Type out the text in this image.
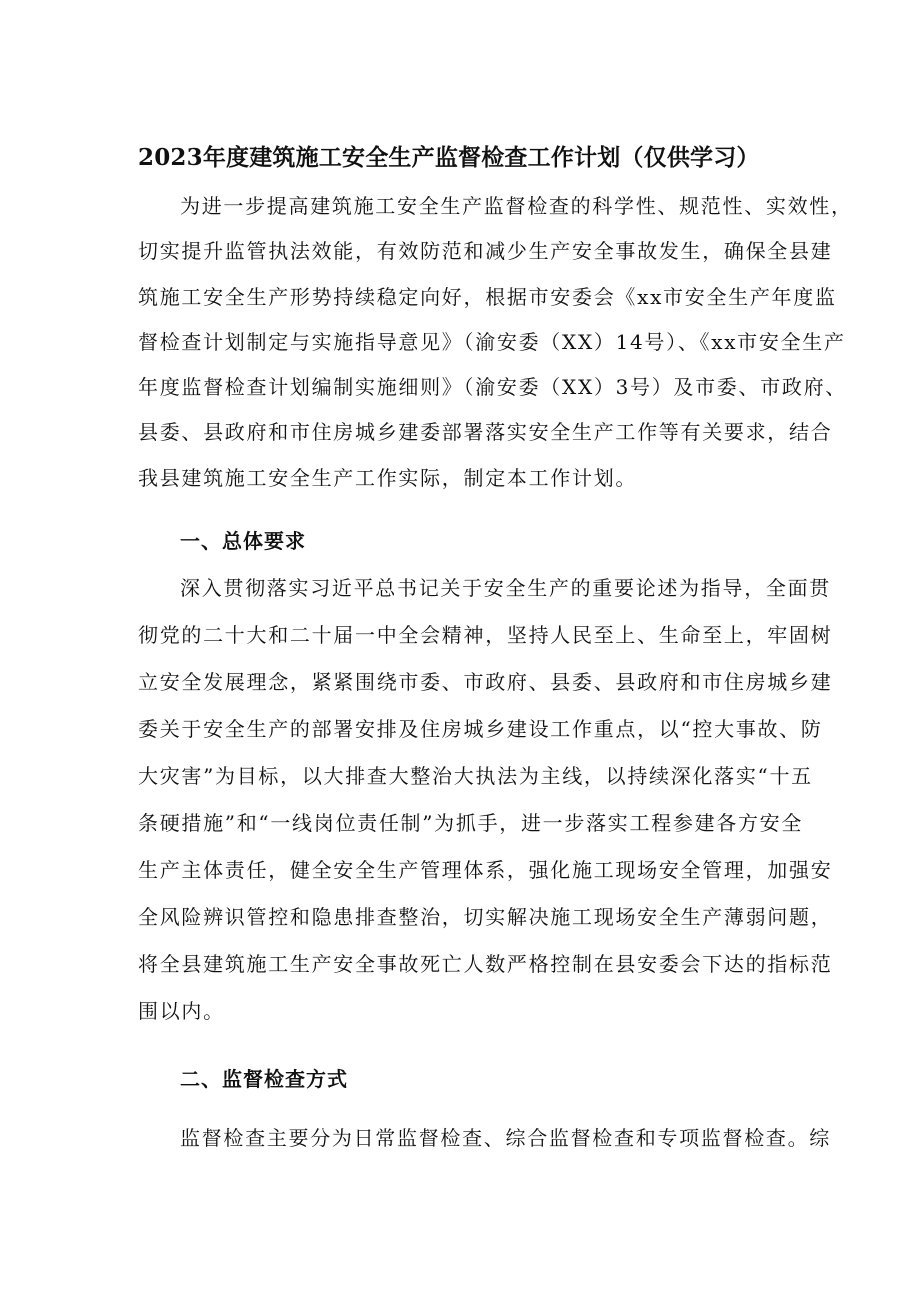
2023年度建筑施工安全生产监督检查工作计划（仅供学习）
为进一步提高建筑施工安全生产监督检查的科学性、规范性、实效性，
切实提升监管执法效能，有效防范和减少生产安全事故发生，确保全县建
筑施工安全生产形势持续稳定向好，根据市安委会《xx市安全生产年度监
督检查计划制定与实施指导意见》（渝安委（XX）14号）、《xx市安全生产
年度监督检查计划编制实施细则》（渝安委（XX）3号）及市委、市政府、
县委、县政府和市住房城乡建委部署落实安全生产工作等有关要求，结合
我县建筑施工安全生产工作实际，制定本工作计划。
一、总体要求
深入贯彻落实习近平总书记关于安全生产的重要论述为指导，全面贯
彻党的二十大和二十届一中全会精神，坚持人民至上、生命至上，牢固树
立安全发展理念，紧紧围绕市委、市政府、县委、县政府和市住房城乡建
委关于安全生产的部署安排及住房城乡建设工作重点，以“控大事故、防
大灾害”为目标，以大排查大整治大执法为主线，以持续深化落实“十五
条硬措施”和“一线岗位责任制”为抓手，进一步落实工程参建各方安全
生产主体责任，健全安全生产管理体系，强化施工现场安全管理，加强安
全风险辨识管控和隐患排查整治，切实解决施工现场安全生产薄弱问题，
将全县建筑施工生产安全事故死亡人数严格控制在县安委会下达的指标范
围以内。
二、监督检查方式
监督检查主要分为日常监督检查、综合监督检查和专项监督检查。综
